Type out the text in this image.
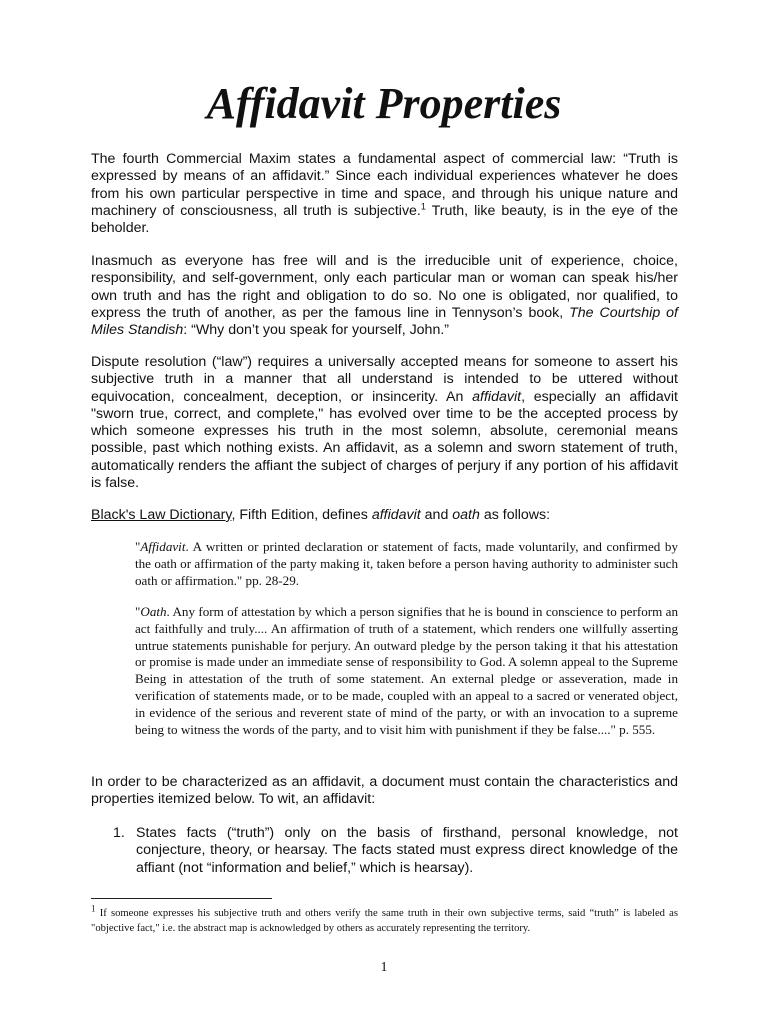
Affidavit Properties

The fourth Commercial Maxim states a fundamental aspect of commercial law: “Truth is expressed by means of an affidavit.” Since each individual experiences whatever he does from his own particular perspective in time and space, and through his unique nature and machinery of consciousness, all truth is subjective.$^1$ Truth, like beauty, is in the eye of the beholder.

Inasmuch as everyone has free will and is the irreducible unit of experience, choice, responsibility, and self-government, only each particular man or woman can speak his/her own truth and has the right and obligation to do so. No one is obligated, nor qualified, to express the truth of another, as per the famous line in Tennyson’s book, The Courtship of Miles Standish: “Why don’t you speak for yourself, John.”

Dispute resolution (“law”) requires a universally accepted means for someone to assert his subjective truth in a manner that all understand is intended to be uttered without equivocation, concealment, deception, or insincerity. An affidavit, especially an affidavit "sworn true, correct, and complete," has evolved over time to be the accepted process by which someone expresses his truth in the most solemn, absolute, ceremonial means possible, past which nothing exists. An affidavit, as a solemn and sworn statement of truth, automatically renders the affiant the subject of charges of perjury if any portion of his affidavit is false.

Black's Law Dictionary, Fifth Edition, defines affidavit and oath as follows:

"Affidavit. A written or printed declaration or statement of facts, made voluntarily, and confirmed by the oath or affirmation of the party making it, taken before a person having authority to administer such oath or affirmation." pp. 28-29.

"Oath. Any form of attestation by which a person signifies that he is bound in conscience to perform an act faithfully and truly.... An affirmation of truth of a statement, which renders one willfully asserting untrue statements punishable for perjury. An outward pledge by the person taking it that his attestation or promise is made under an immediate sense of responsibility to God. A solemn appeal to the Supreme Being in attestation of the truth of some statement. An external pledge or asseveration, made in verification of statements made, or to be made, coupled with an appeal to a sacred or venerated object, in evidence of the serious and reverent state of mind of the party, or with an invocation to a supreme being to witness the words of the party, and to visit him with punishment if they be false...." p. 555.

In order to be characterized as an affidavit, a document must contain the characteristics and properties itemized below. To wit, an affidavit:

1. States facts (“truth”) only on the basis of firsthand, personal knowledge, not conjecture, theory, or hearsay. The facts stated must express direct knowledge of the affiant (not “information and belief,” which is hearsay).

$^1$ If someone expresses his subjective truth and others verify the same truth in their own subjective terms, said “truth” is labeled as "objective fact," i.e. the abstract map is acknowledged by others as accurately representing the territory.

1
